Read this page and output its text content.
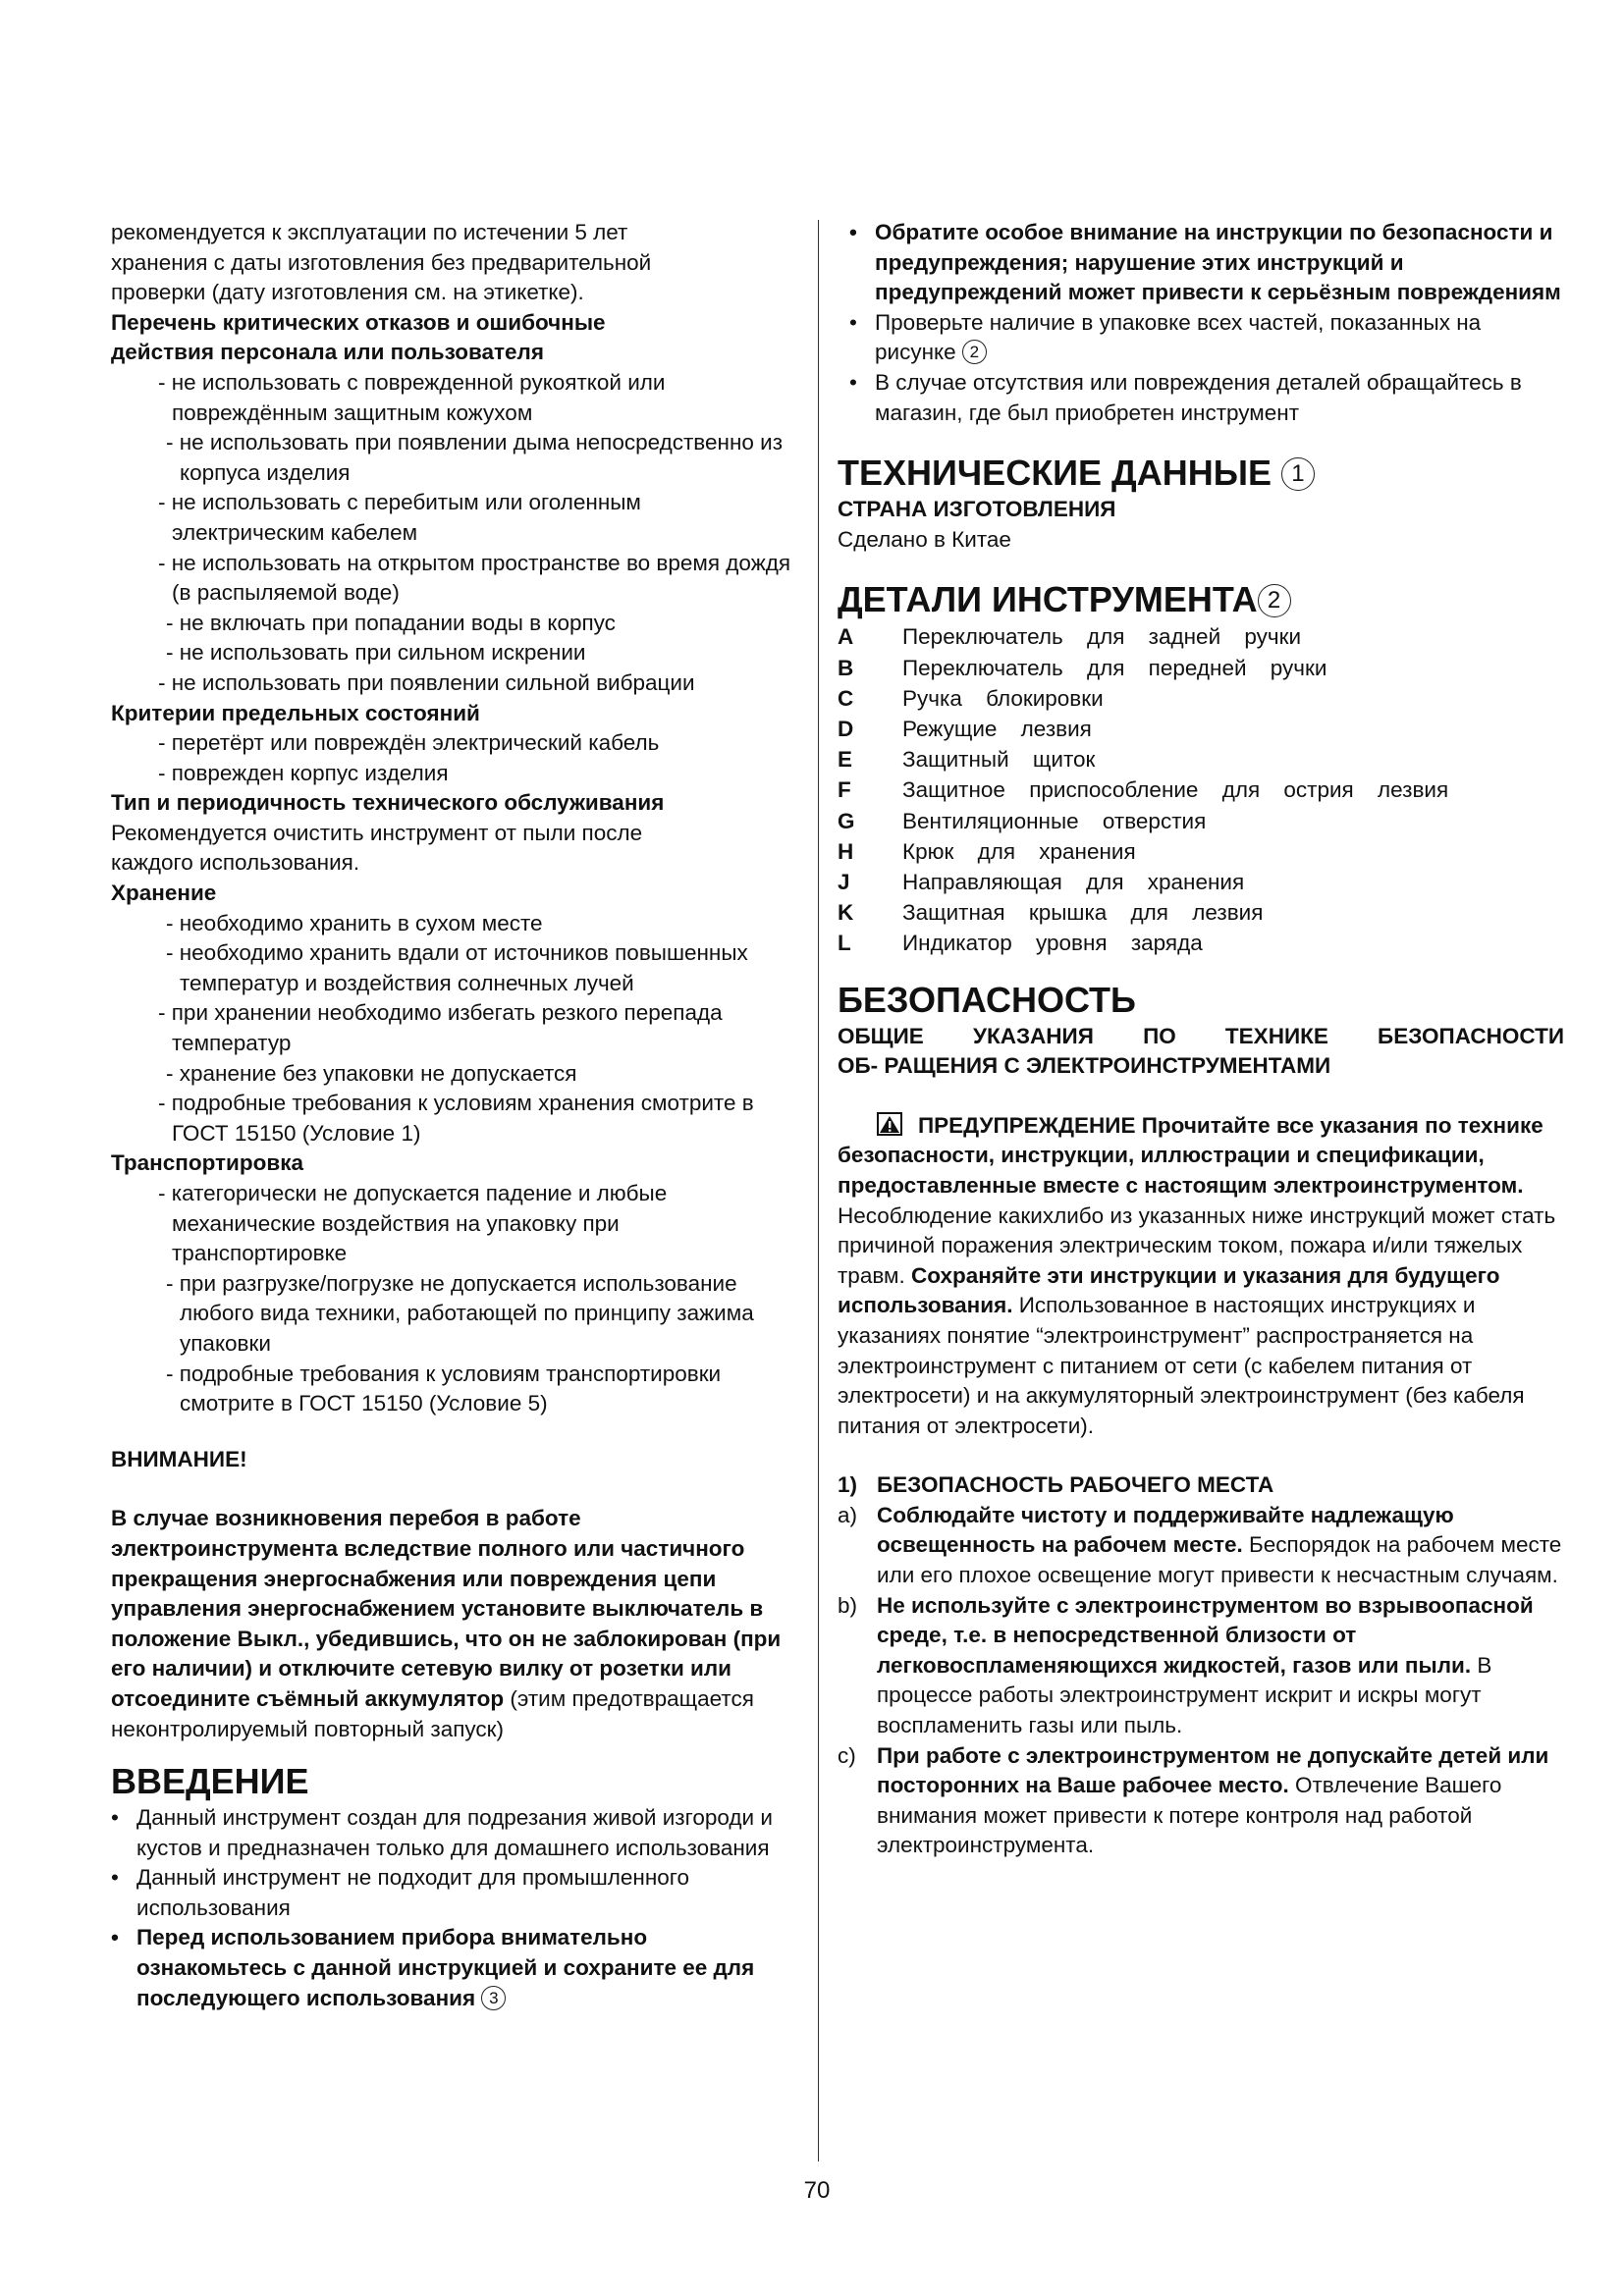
рекомендуется к эксплуатации по истечении 5 лет

хранения с даты изготовления без предварительной

проверки (дату изготовления см. на этикетке).

Перечень критических отказов и ошибочные

действия персонала или пользователя

- не использовать с поврежденной рукояткой или повреждённым защитным кожухом

- не использовать при появлении дыма непосредственно из корпуса изделия

- не использовать с перебитым или оголенным электрическим кабелем

- не использовать на открытом пространстве во время дождя (в распыляемой воде)

- не включать при попадании воды в корпус

- не использовать при сильном искрении

- не использовать при появлении сильной вибрации

Критерии предельных состояний

- перетёрт или повреждён электрический кабель

- поврежден корпус изделия

Тип и периодичность технического обслуживания

Рекомендуется очистить инструмент от пыли после

каждого использования.

Хранение

- необходимо хранить в сухом месте

- необходимо хранить вдали от источников повышенных температур и воздействия солнечных лучей

- при хранении необходимо избегать резкого перепада температур

- хранение без упаковки не допускается

- подробные требования к условиям хранения смотрите в ГОСТ 15150 (Условие 1)

Транспортировка

- категорически не допускается падение и любые механические воздействия на упаковку при транспортировке

- при разгрузке/погрузке не допускается использование любого вида техники, работающей по принципу зажима упаковки

- подробные требования к условиям транспортировки смотрите в ГОСТ 15150 (Условие 5)

ВНИМАНИЕ!

В случае возникновения перебоя в работе электроинструмента вследствие полного или частичного прекращения энергоснабжения или повреждения цепи управления энергоснабжением установите выключатель в положение Выкл., убедившись, что он не заблокирован (при его наличии) и отключите сетевую вилку от розетки или отсоедините съёмный аккумулятор (этим предотвращается неконтролируемый повторный запуск)

ВВЕДЕНИЕ

• Данный инструмент создан для подрезания живой изгороди и кустов и предназначен только для домашнего использования

• Данный инструмент не подходит для промышленного использования

• Перед использованием прибора внимательно ознакомьтесь с данной инструкцией и сохраните ее для последующего использования 3

• Обратите особое внимание на инструкции по безопасности и предупреждения; нарушение этих инструкций и предупреждений может привести к серьёзным повреждениям

• Проверьте наличие в упаковке всех частей, показанных на рисунке 2

• В случае отсутствия или повреждения деталей обращайтесь в магазин, где был приобретен инструмент

ТЕХНИЧЕСКИЕ ДАННЫЕ 1

СТРАНА ИЗГОТОВЛЕНИЯ

Сделано в Китае

ДЕТАЛИ ИНСТРУМЕНТА 2

A	Переключатель для задней ручки
B	Переключатель для передней ручки
C	Ручка блокировки
D	Режущие лезвия
E	Защитный щиток
F	Защитное приспособление для острия лезвия
G	Вентиляционные отверстия
H	Крюк для хранения
J	Направляющая для хранения
K	Защитная крышка для лезвия
L	Индикатор уровня заряда

БЕЗОПАСНОСТЬ

ОБЩИЕ УКАЗАНИЯ ПО ТЕХНИКЕ БЕЗОПАСНОСТИ

ОБ- РАЩЕНИЯ С ЭЛЕКТРОИНСТРУМЕНТАМИ

ПРЕДУПРЕЖДЕНИЕ Прочитайте все указания по технике безопасности, инструкции, иллюстрации и спецификации, предоставленные вместе с настоящим электроинструментом. Несоблюдение какихлибо из указанных ниже инструкций может стать причиной поражения электрическим током, пожара и/или тяжелых травм. Сохраняйте эти инструкции и указания для будущего использования. Использованное в настоящих инструкциях и указаниях понятие “электроинструмент” распространяется на электроинструмент с питанием от сети (с кабелем питания от электросети) и на аккумуляторный электроинструмент (без кабеля питания от электросети).

1) БЕЗОПАСНОСТЬ РАБОЧЕГО МЕСТА

a) Соблюдайте чистоту и поддерживайте надлежащую освещенность на рабочем месте. Беспорядок на рабочем месте или его плохое освещение могут привести к несчастным случаям.

b) Не используйте с электроинструментом во взрывоопасной среде, т.е. в непосредственной близости от легковоспламеняющихся жидкостей, газов или пыли. В процессе работы электроинструмент искрит и искры могут воспламенить газы или пыль.

c) При работе с электроинструментом не допускайте детей или посторонних на Ваше рабочее место. Отвлечение Вашего внимания может привести к потере контроля над работой электроинструмента.

70
